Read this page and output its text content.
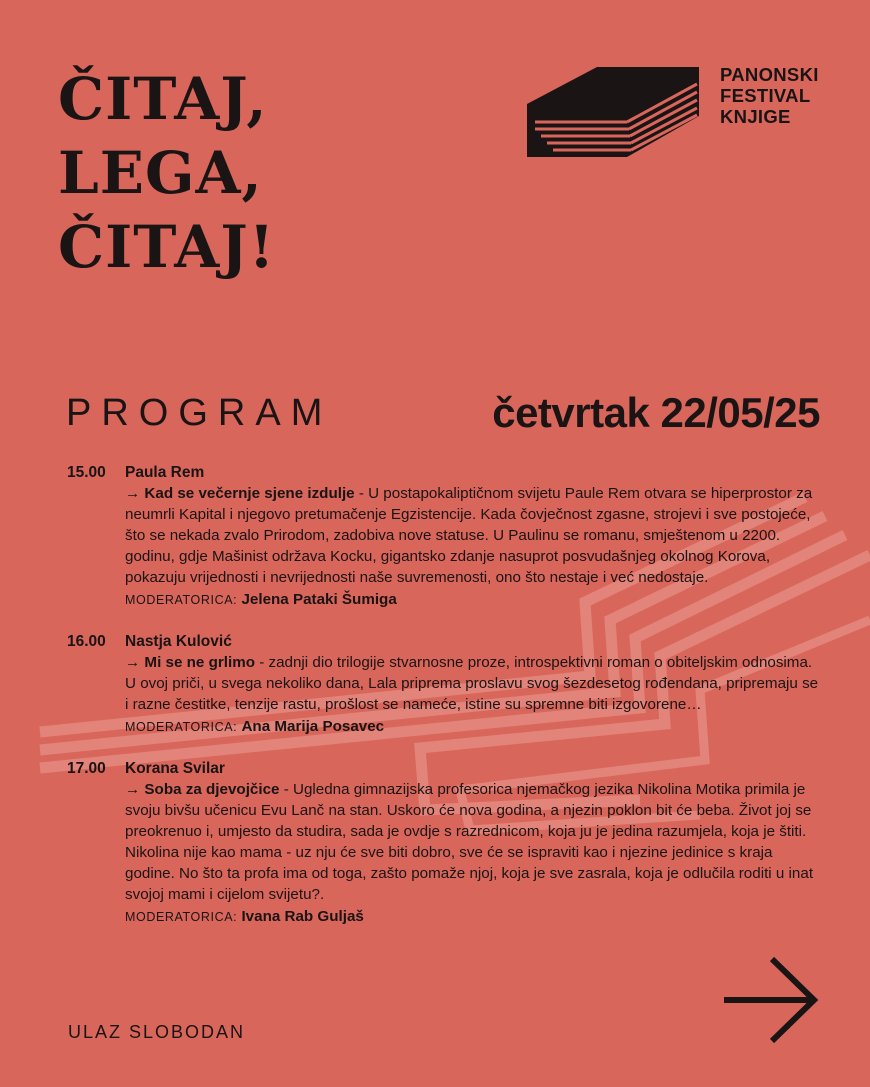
ČITAJ,
LEGA,
ČITAJ!
PANONSKI
FESTIVAL
KNJIGE
PROGRAM	četvrtak 22/05/25
15.00 Paula Rem
→ Kad se večernje sjene izdulje - U postapokaliptičnom svijetu Paule Rem otvara se hiperprostor za neumrli Kapital i njegovo pretumačenje Egzistencije. Kada čovječnost zgasne, strojevi i sve postojeće, što se nekada zvalo Prirodom, zadobiva nove statuse. U Paulinu se romanu, smještenom u 2200. godinu, gdje Mašinist održava Kocku, gigantsko zdanje nasuprot posvudašnjeg okolnog Korova, pokazuju vrijednosti i nevrijednosti naše suvremenosti, ono što nestaje i već nedostaje.
MODERATORICA: Jelena Pataki Šumiga
16.00 Nastja Kulović
→ Mi se ne grlimo - zadnji dio trilogije stvarnosne proze, introspektivni roman o obiteljskim odnosima. U ovoj priči, u svega nekoliko dana, Lala priprema proslavu svog šezdesetog rođendana, pripremaju se i razne čestitke, tenzije rastu, prošlost se nameće, istine su spremne biti izgovorene…
MODERATORICA: Ana Marija Posavec
17.00 Korana Svilar
→ Soba za djevojčice - Ugledna gimnazijska profesorica njemačkog jezika Nikolina Motika primila je svoju bivšu učenicu Evu Lanč na stan. Uskoro će nova godina, a njezin poklon bit će beba. Život joj se preokrenuo i, umjesto da studira, sada je ovdje s razrednicom, koja ju je jedina razumjela, koja je štiti. Nikolina nije kao mama - uz nju će sve biti dobro, sve će se ispraviti kao i njezine jedinice s kraja godine. No što ta profa ima od toga, zašto pomaže njoj, koja je sve zasrala, koja je odlučila roditi u inat svojoj mami i cijelom svijetu?.
MODERATORICA: Ivana Rab Guljaš
ULAZ SLOBODAN
